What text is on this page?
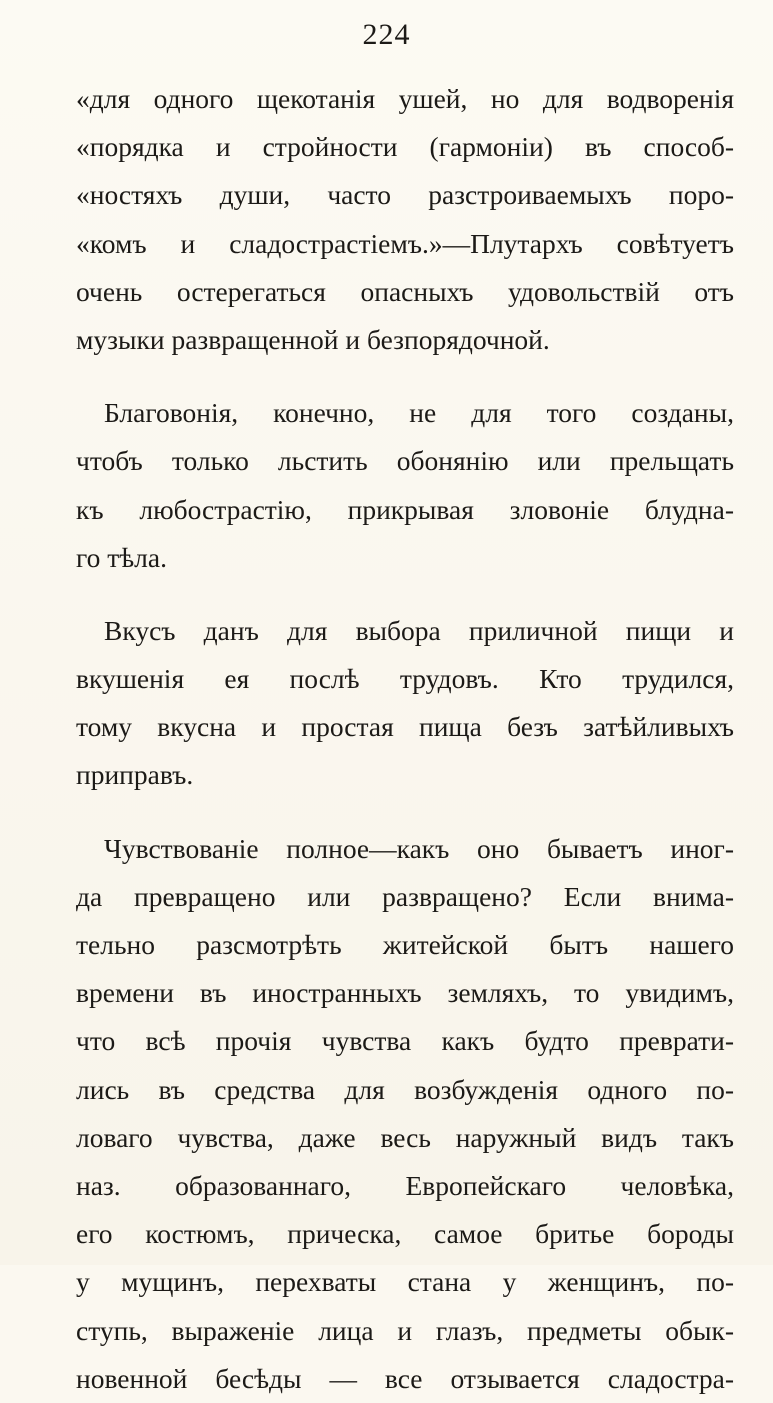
224
«для одного щекотанія ушей, но для водворенія
«порядка и стройности (гармоніи) въ способ-
«ностяхъ души, часто разстроиваемыхъ поро-
«комъ и сладострастіемъ.»—Плутархъ совѣтуетъ
очень остерегаться опасныхъ удовольствій отъ
музыки развращенной и безпорядочной.
Благовонія, конечно, не для того созданы,
чтобъ только льстить обонянію или прельщать
къ любострастію, прикрывая зловоніе блудна-
го тѣла.
Вкусъ данъ для выбора приличной пищи и
вкушенія ея послѣ трудовъ. Кто трудился,
тому вкусна и простая пища безъ затѣйливыхъ
приправъ.
Чувствованіе полное—какъ оно бываетъ иног-
да превращено или развращено? Если внима-
тельно разсмотрѣть житейской бытъ нашего
времени въ иностранныхъ земляхъ, то увидимъ,
что всѣ прочія чувства какъ будто преврати-
лись въ средства для возбужденія одного по-
ловаго чувства, даже весь наружный видъ такъ
наз. образованнаго, Европейскаго человѣка,
его костюмъ, прическа, самое бритье бороды
у мущинъ, перехваты стана у женщинъ, по-
ступь, выраженіе лица и глазъ, предметы обык-
новенной бесѣды — все отзывается сладостра-
